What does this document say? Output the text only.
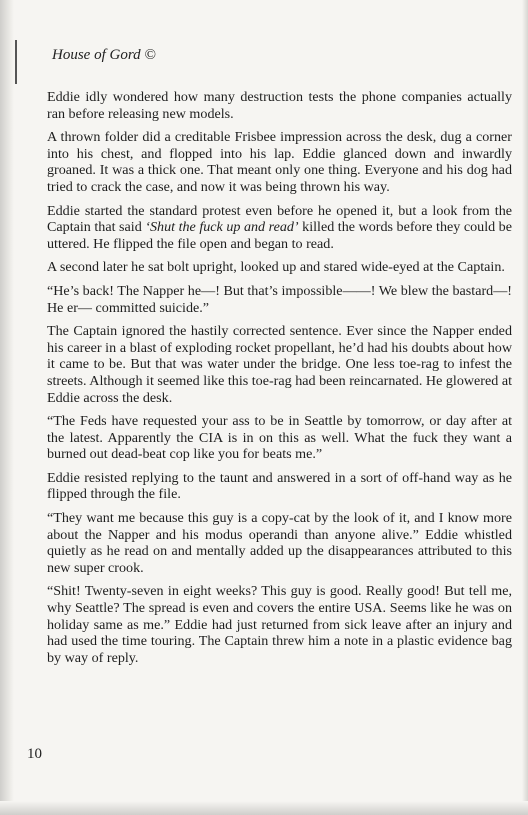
House of Gord ©

Eddie idly wondered how many destruction tests the phone companies actually ran before releasing new models.

A thrown folder did a creditable Frisbee impression across the desk, dug a corner into his chest, and flopped into his lap. Eddie glanced down and inwardly groaned. It was a thick one. That meant only one thing. Everyone and his dog had tried to crack the case, and now it was being thrown his way.

Eddie started the standard protest even before he opened it, but a look from the Captain that said ‘Shut the fuck up and read’ killed the words before they could be uttered. He flipped the file open and began to read.

A second later he sat bolt upright, looked up and stared wide-eyed at the Captain.

“He’s back! The Napper he—! But that’s impossible——! We blew the bastard—! He er— committed suicide.”

The Captain ignored the hastily corrected sentence. Ever since the Napper ended his career in a blast of exploding rocket propellant, he’d had his doubts about how it came to be. But that was water under the bridge. One less toe-rag to infest the streets. Although it seemed like this toe-rag had been reincarnated. He glowered at Eddie across the desk.

“The Feds have requested your ass to be in Seattle by tomorrow, or day after at the latest. Apparently the CIA is in on this as well. What the fuck they want a burned out dead-beat cop like you for beats me.”

Eddie resisted replying to the taunt and answered in a sort of off-hand way as he flipped through the file.

“They want me because this guy is a copy-cat by the look of it, and I know more about the Napper and his modus operandi than anyone alive.” Eddie whistled quietly as he read on and mentally added up the disappearances attributed to this new super crook.

“Shit! Twenty-seven in eight weeks? This guy is good. Really good! But tell me, why Seattle? The spread is even and covers the entire USA. Seems like he was on holiday same as me.” Eddie had just returned from sick leave after an injury and had used the time touring. The Captain threw him a note in a plastic evidence bag by way of reply.

10
